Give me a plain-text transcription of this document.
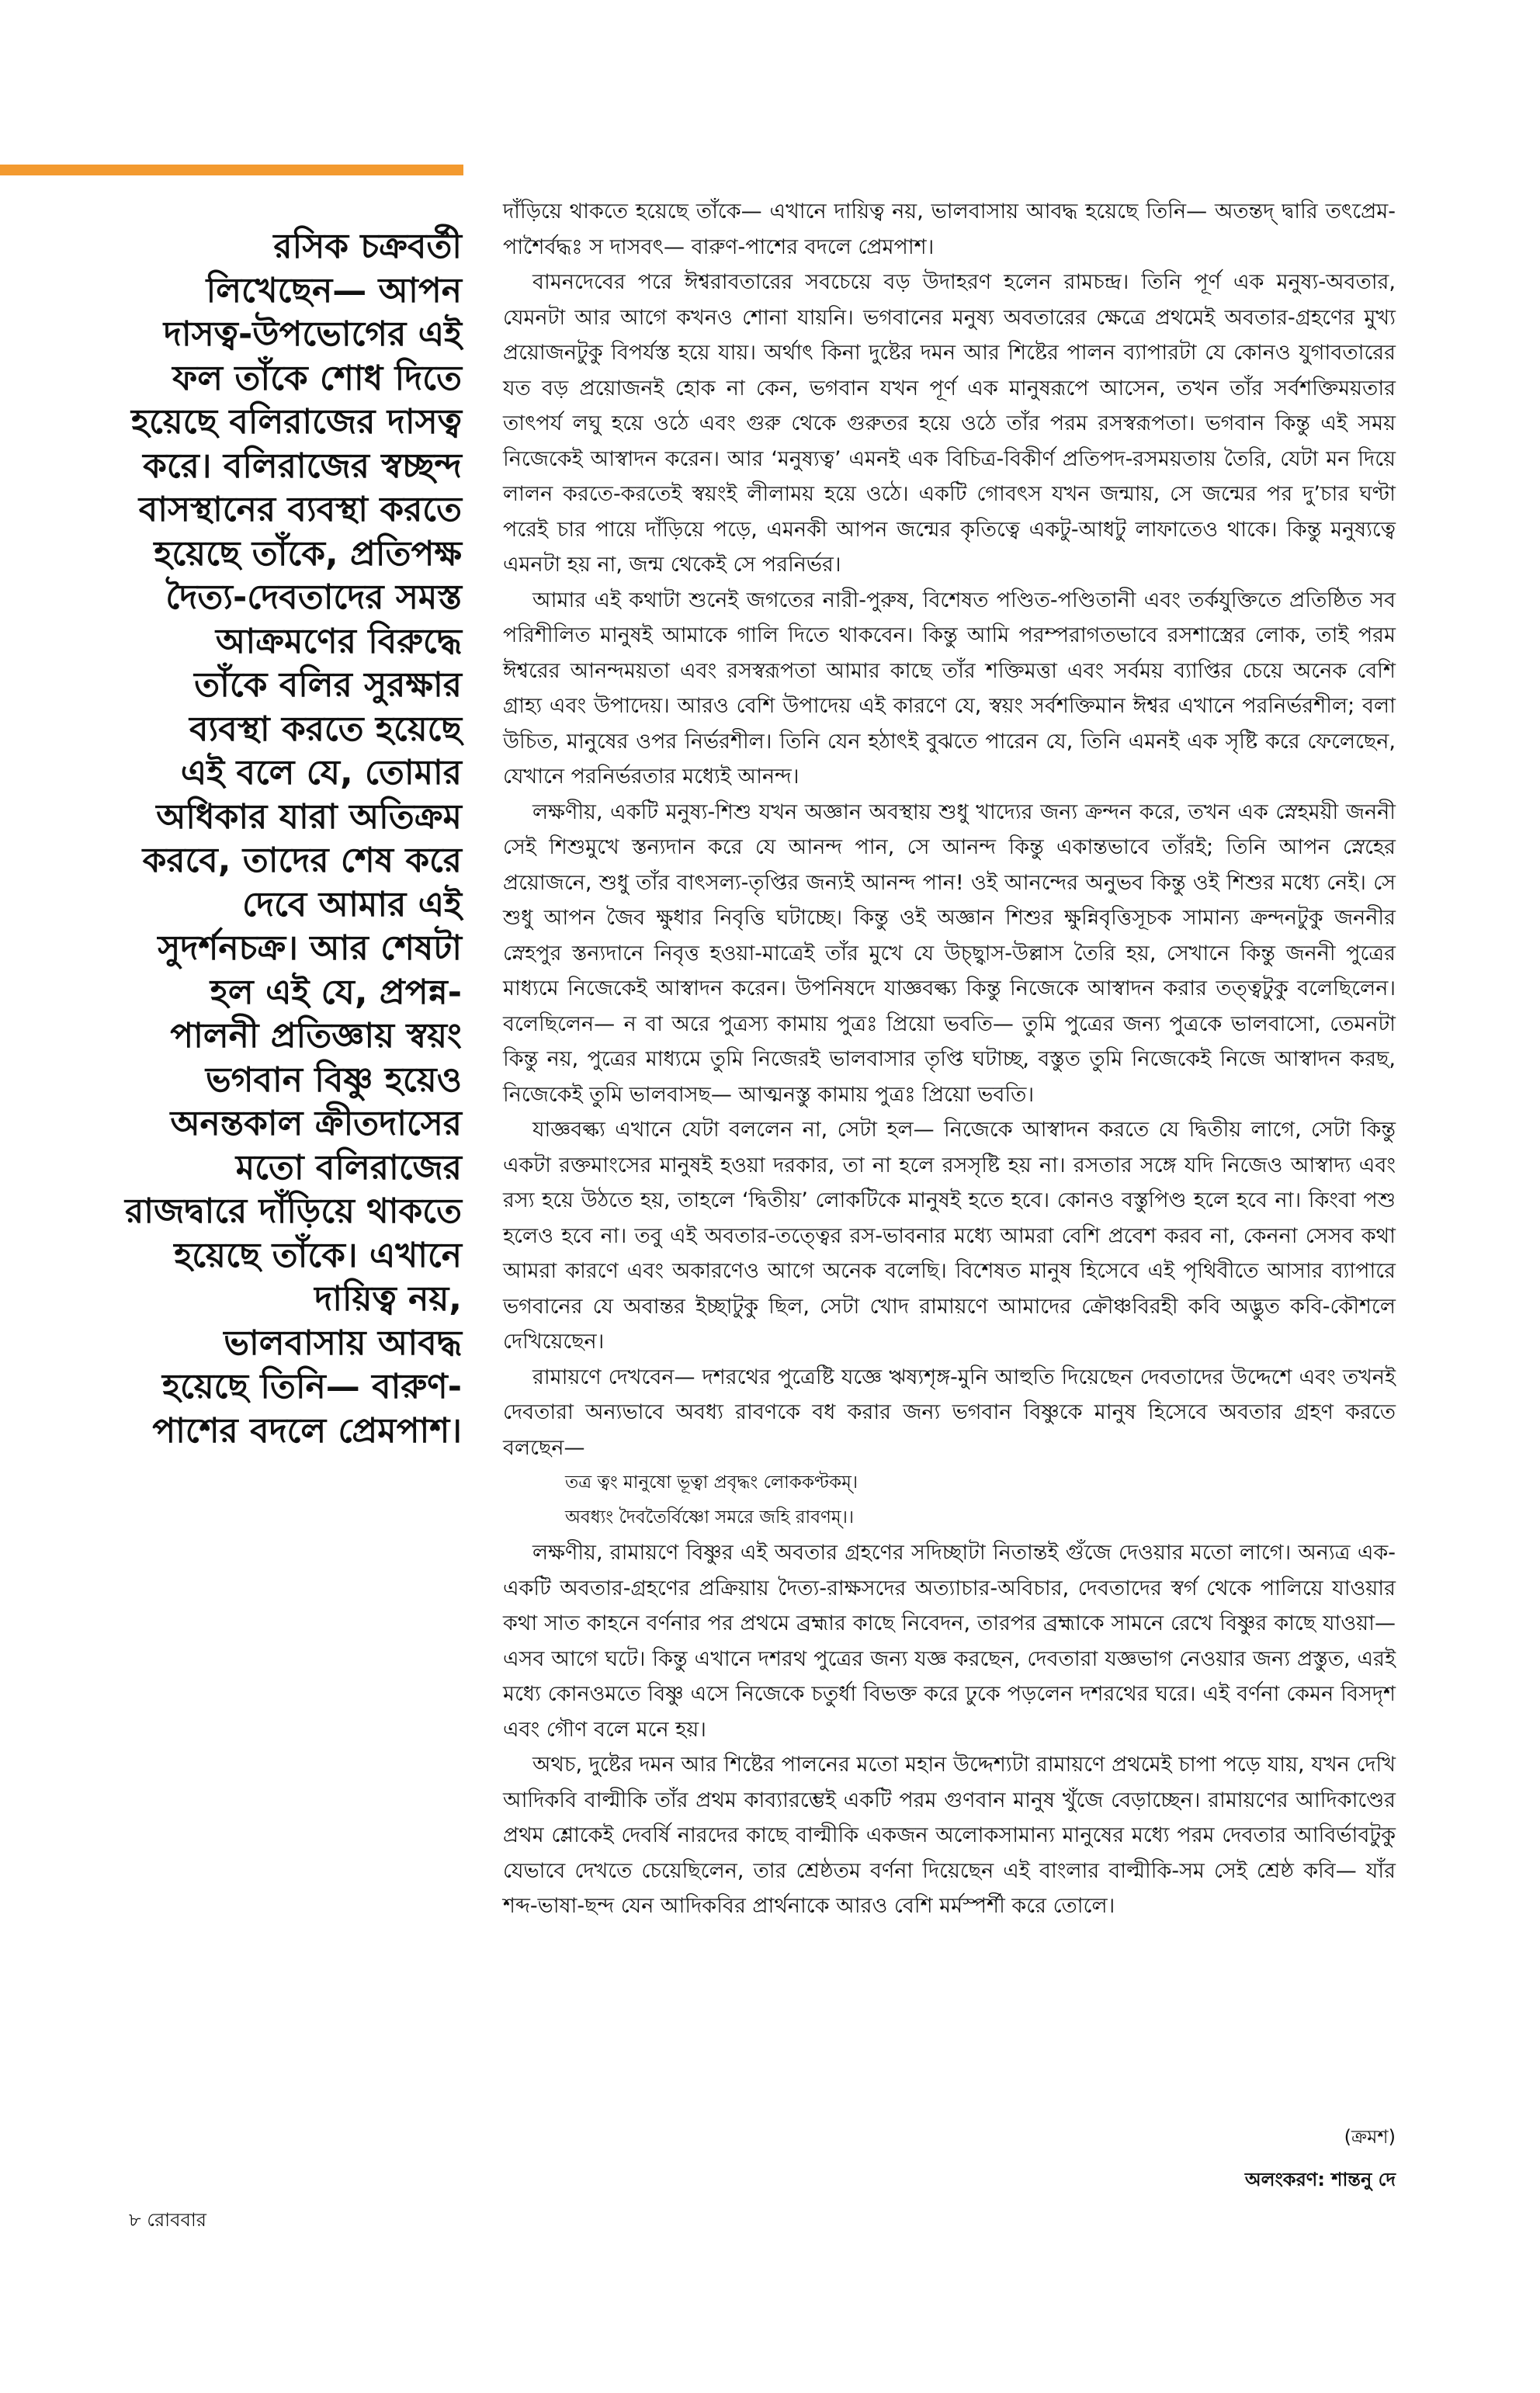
রসিক চক্রবর্তী
লিখেছেন— আপন
দাসত্ব-উপভোগের এই
ফল তাঁকে শোধ দিতে
হয়েছে বলিরাজের দাসত্ব
করে। বলিরাজের স্বচ্ছন্দ
বাসস্থানের ব্যবস্থা করতে
হয়েছে তাঁকে, প্রতিপক্ষ
দৈত্য-দেবতাদের সমস্ত
আক্রমণের বিরুদ্ধে
তাঁকে বলির সুরক্ষার
ব্যবস্থা করতে হয়েছে
এই বলে যে, তোমার
অধিকার যারা অতিক্রম
করবে, তাদের শেষ করে
দেবে আমার এই
সুদর্শনচক্র। আর শেষটা
হল এই যে, প্রপন্ন-
পালনী প্রতিজ্ঞায় স্বয়ং
ভগবান বিষ্ণু হয়েও
অনন্তকাল ক্রীতদাসের
মতো বলিরাজের
রাজদ্বারে দাঁড়িয়ে থাকতে
হয়েছে তাঁকে। এখানে
দায়িত্ব নয়,
ভালবাসায় আবদ্ধ
হয়েছে তিনি— বারুণ-
পাশের বদলে প্রেমপাশ।

দাঁড়িয়ে থাকতে হয়েছে তাঁকে— এখানে দায়িত্ব নয়, ভালবাসায় আবদ্ধ হয়েছে তিনি— অতন্তদ্ দ্বারি তৎপ্রেম-পাশৈর্বদ্ধঃ স দাসবৎ— বারুণ-পাশের বদলে প্রেমপাশ।

বামনদেবের পরে ঈশ্বরাবতারের সবচেয়ে বড় উদাহরণ হলেন রামচন্দ্র। তিনি পূর্ণ এক মনুষ্য-অবতার, যেমনটা আর আগে কখনও শোনা যায়নি। ভগবানের মনুষ্য অবতারের ক্ষেত্রে প্রথমেই অবতার-গ্রহণের মুখ্য প্রয়োজনটুকু বিপর্যস্ত হয়ে যায়। অর্থাৎ কিনা দুষ্টের দমন আর শিষ্টের পালন ব্যাপারটা যে কোনও যুগাবতারের যত বড় প্রয়োজনই হোক না কেন, ভগবান যখন পূর্ণ এক মানুষরূপে আসেন, তখন তাঁর সর্বশক্তিময়তার তাৎপর্য লঘু হয়ে ওঠে এবং গুরু থেকে গুরুতর হয়ে ওঠে তাঁর পরম রসস্বরূপতা। ভগবান কিন্তু এই সময় নিজেকেই আস্বাদন করেন। আর ‘মনুষ্যত্ব’ এমনই এক বিচিত্র-বিকীর্ণ প্রতিপদ-রসময়তায় তৈরি, যেটা মন দিয়ে লালন করতে-করতেই স্বয়ংই লীলাময় হয়ে ওঠে। একটি গোবৎস যখন জন্মায়, সে জন্মের পর দু’চার ঘণ্টা পরেই চার পায়ে দাঁড়িয়ে পড়ে, এমনকী আপন জন্মের কৃতিত্বে একটু-আধটু লাফাতেও থাকে। কিন্তু মনুষ্যত্বে এমনটা হয় না, জন্ম থেকেই সে পরনির্ভর।

আমার এই কথাটা শুনেই জগতের নারী-পুরুষ, বিশেষত পণ্ডিত-পণ্ডিতানী এবং তর্কযুক্তিতে প্রতিষ্ঠিত সব পরিশীলিত মানুষই আমাকে গালি দিতে থাকবেন। কিন্তু আমি পরম্পরাগতভাবে রসশাস্ত্রের লোক, তাই পরম ঈশ্বরের আনন্দময়তা এবং রসস্বরূপতা আমার কাছে তাঁর শক্তিমত্তা এবং সর্বময় ব্যাপ্তির চেয়ে অনেক বেশি গ্রাহ্য এবং উপাদেয়। আরও বেশি উপাদেয় এই কারণে যে, স্বয়ং সর্বশক্তিমান ঈশ্বর এখানে পরনির্ভরশীল; বলা উচিত, মানুষের ওপর নির্ভরশীল। তিনি যেন হঠাৎই বুঝতে পারেন যে, তিনি এমনই এক সৃষ্টি করে ফেলেছেন, যেখানে পরনির্ভরতার মধ্যেই আনন্দ।

লক্ষণীয়, একটি মনুষ্য-শিশু যখন অজ্ঞান অবস্থায় শুধু খাদ্যের জন্য ক্রন্দন করে, তখন এক স্নেহময়ী জননী সেই শিশুমুখে স্তন্যদান করে যে আনন্দ পান, সে আনন্দ কিন্তু একান্তভাবে তাঁরই; তিনি আপন স্নেহের প্রয়োজনে, শুধু তাঁর বাৎসল্য-তৃপ্তির জন্যই আনন্দ পান! ওই আনন্দের অনুভব কিন্তু ওই শিশুর মধ্যে নেই। সে শুধু আপন জৈব ক্ষুধার নিবৃত্তি ঘটাচ্ছে। কিন্তু ওই অজ্ঞান শিশুর ক্ষুন্নিবৃত্তিসূচক সামান্য ক্রন্দনটুকু জননীর স্নেহপুর স্তন্যদানে নিবৃত্ত হওয়া-মাত্রেই তাঁর মুখে যে উচ্ছ্বাস-উল্লাস তৈরি হয়, সেখানে কিন্তু জননী পুত্রের মাধ্যমে নিজেকেই আস্বাদন করেন। উপনিষদে যাজ্ঞবল্ক্য কিন্তু নিজেকে আস্বাদন করার তত্ত্বটুকু বলেছিলেন। বলেছিলেন— ন বা অরে পুত্রস্য কামায় পুত্রঃ প্রিয়ো ভবতি— তুমি পুত্রের জন্য পুত্রকে ভালবাসো, তেমনটা কিন্তু নয়, পুত্রের মাধ্যমে তুমি নিজেরই ভালবাসার তৃপ্তি ঘটাচ্ছ, বস্তুত তুমি নিজেকেই নিজে আস্বাদন করছ, নিজেকেই তুমি ভালবাসছ— আত্মনস্তু কামায় পুত্রঃ প্রিয়ো ভবতি।

যাজ্ঞবল্ক্য এখানে যেটা বললেন না, সেটা হল— নিজেকে আস্বাদন করতে যে দ্বিতীয় লাগে, সেটা কিন্তু একটা রক্তমাংসের মানুষই হওয়া দরকার, তা না হলে রসসৃষ্টি হয় না। রসতার সঙ্গে যদি নিজেও আস্বাদ্য এবং রস্য হয়ে উঠতে হয়, তাহলে ‘দ্বিতীয়’ লোকটিকে মানুষই হতে হবে। কোনও বস্তুপিণ্ড হলে হবে না। কিংবা পশু হলেও হবে না। তবু এই অবতার-তত্ত্বের রস-ভাবনার মধ্যে আমরা বেশি প্রবেশ করব না, কেননা সেসব কথা আমরা কারণে এবং অকারণেও আগে অনেক বলেছি। বিশেষত মানুষ হিসেবে এই পৃথিবীতে আসার ব্যাপারে ভগবানের যে অবান্তর ইচ্ছাটুকু ছিল, সেটা খোদ রামায়ণে আমাদের ক্রৌঞ্চবিরহী কবি অদ্ভুত কবি-কৌশলে দেখিয়েছেন।

রামায়ণে দেখবেন— দশরথের পুত্রেষ্টি যজ্ঞে ঋষ্যশৃঙ্গ-মুনি আহুতি দিয়েছেন দেবতাদের উদ্দেশে এবং তখনই দেবতারা অন্যভাবে অবধ্য রাবণকে বধ করার জন্য ভগবান বিষ্ণুকে মানুষ হিসেবে অবতার গ্রহণ করতে বলছেন—

তত্র ত্বং মানুষো ভূত্বা প্রবৃদ্ধং লোককণ্টকম্।

অবধ্যং দৈবতৈর্বিষ্ণো সমরে জহি রাবণম্।।

লক্ষণীয়, রামায়ণে বিষ্ণুর এই অবতার গ্রহণের সদিচ্ছাটা নিতান্তই গুঁজে দেওয়ার মতো লাগে। অন্যত্র এক-একটি অবতার-গ্রহণের প্রক্রিয়ায় দৈত্য-রাক্ষসদের অত্যাচার-অবিচার, দেবতাদের স্বর্গ থেকে পালিয়ে যাওয়ার কথা সাত কাহনে বর্ণনার পর প্রথমে ব্রহ্মার কাছে নিবেদন, তারপর ব্রহ্মাকে সামনে রেখে বিষ্ণুর কাছে যাওয়া— এসব আগে ঘটে। কিন্তু এখানে দশরথ পুত্রের জন্য যজ্ঞ করছেন, দেবতারা যজ্ঞভাগ নেওয়ার জন্য প্রস্তুত, এরই মধ্যে কোনওমতে বিষ্ণু এসে নিজেকে চতুর্ধা বিভক্ত করে ঢুকে পড়লেন দশরথের ঘরে। এই বর্ণনা কেমন বিসদৃশ এবং গৌণ বলে মনে হয়।

অথচ, দুষ্টের দমন আর শিষ্টের পালনের মতো মহান উদ্দেশ্যটা রামায়ণে প্রথমেই চাপা পড়ে যায়, যখন দেখি আদিকবি বাল্মীকি তাঁর প্রথম কাব্যারম্ভেই একটি পরম গুণবান মানুষ খুঁজে বেড়াচ্ছেন। রামায়ণের আদিকাণ্ডের প্রথম শ্লোকেই দেবর্ষি নারদের কাছে বাল্মীকি একজন অলোকসামান্য মানুষের মধ্যে পরম দেবতার আবির্ভাবটুকু যেভাবে দেখতে চেয়েছিলেন, তার শ্রেষ্ঠতম বর্ণনা দিয়েছেন এই বাংলার বাল্মীকি-সম সেই শ্রেষ্ঠ কবি— যাঁর শব্দ-ভাষা-ছন্দ যেন আদিকবির প্রার্থনাকে আরও বেশি মর্মস্পর্শী করে তোলে।

(ক্রমশ)
অলংকরণ: শান্তনু দে
৮ রোববার
